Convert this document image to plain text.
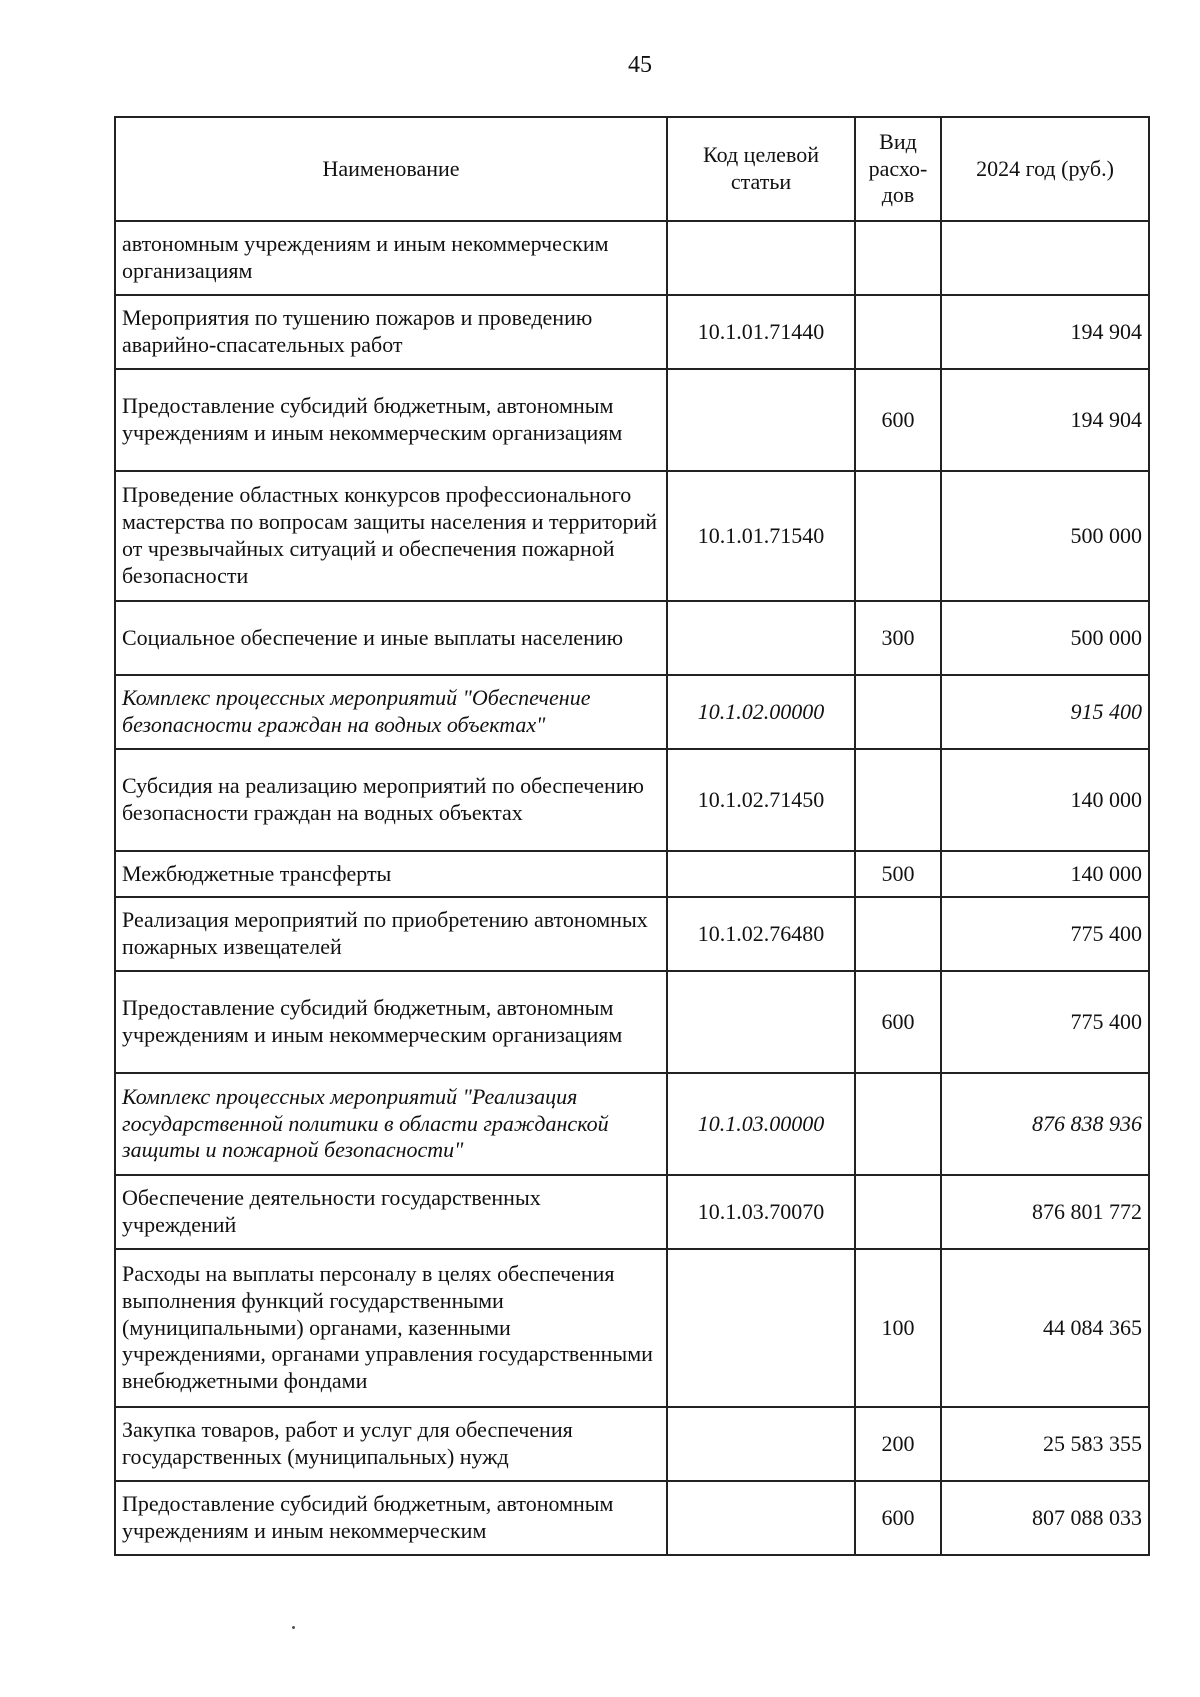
45
Наименование	Код целевой статьи	Вид расхо-дов	2024 год (руб.)
автономным учреждениям и иным некоммерческим организациям			
Мероприятия по тушению пожаров и проведению аварийно-спасательных работ	10.1.01.71440		194 904
Предоставление субсидий бюджетным, автономным учреждениям и иным некоммерческим организациям		600	194 904
Проведение областных конкурсов профессионального мастерства по вопросам защиты населения и территорий от чрезвычайных ситуаций и обеспечения пожарной безопасности	10.1.01.71540		500 000
Социальное обеспечение и иные выплаты населению		300	500 000
Комплекс процессных мероприятий "Обеспечение безопасности граждан на водных объектах"	10.1.02.00000		915 400
Субсидия на реализацию мероприятий по обеспечению безопасности граждан на водных объектах	10.1.02.71450		140 000
Межбюджетные трансферты		500	140 000
Реализация мероприятий по приобретению автономных пожарных извещателей	10.1.02.76480		775 400
Предоставление субсидий бюджетным, автономным учреждениям и иным некоммерческим организациям		600	775 400
Комплекс процессных мероприятий "Реализация государственной политики в области гражданской защиты и пожарной безопасности"	10.1.03.00000		876 838 936
Обеспечение деятельности государственных учреждений	10.1.03.70070		876 801 772
Расходы на выплаты персоналу в целях обеспечения выполнения функций государственными (муниципальными) органами, казенными учреждениями, органами управления государственными внебюджетными фондами		100	44 084 365
Закупка товаров, работ и услуг для обеспечения государственных (муниципальных) нужд		200	25 583 355
Предоставление субсидий бюджетным, автономным учреждениям и иным некоммерческим		600	807 088 033
